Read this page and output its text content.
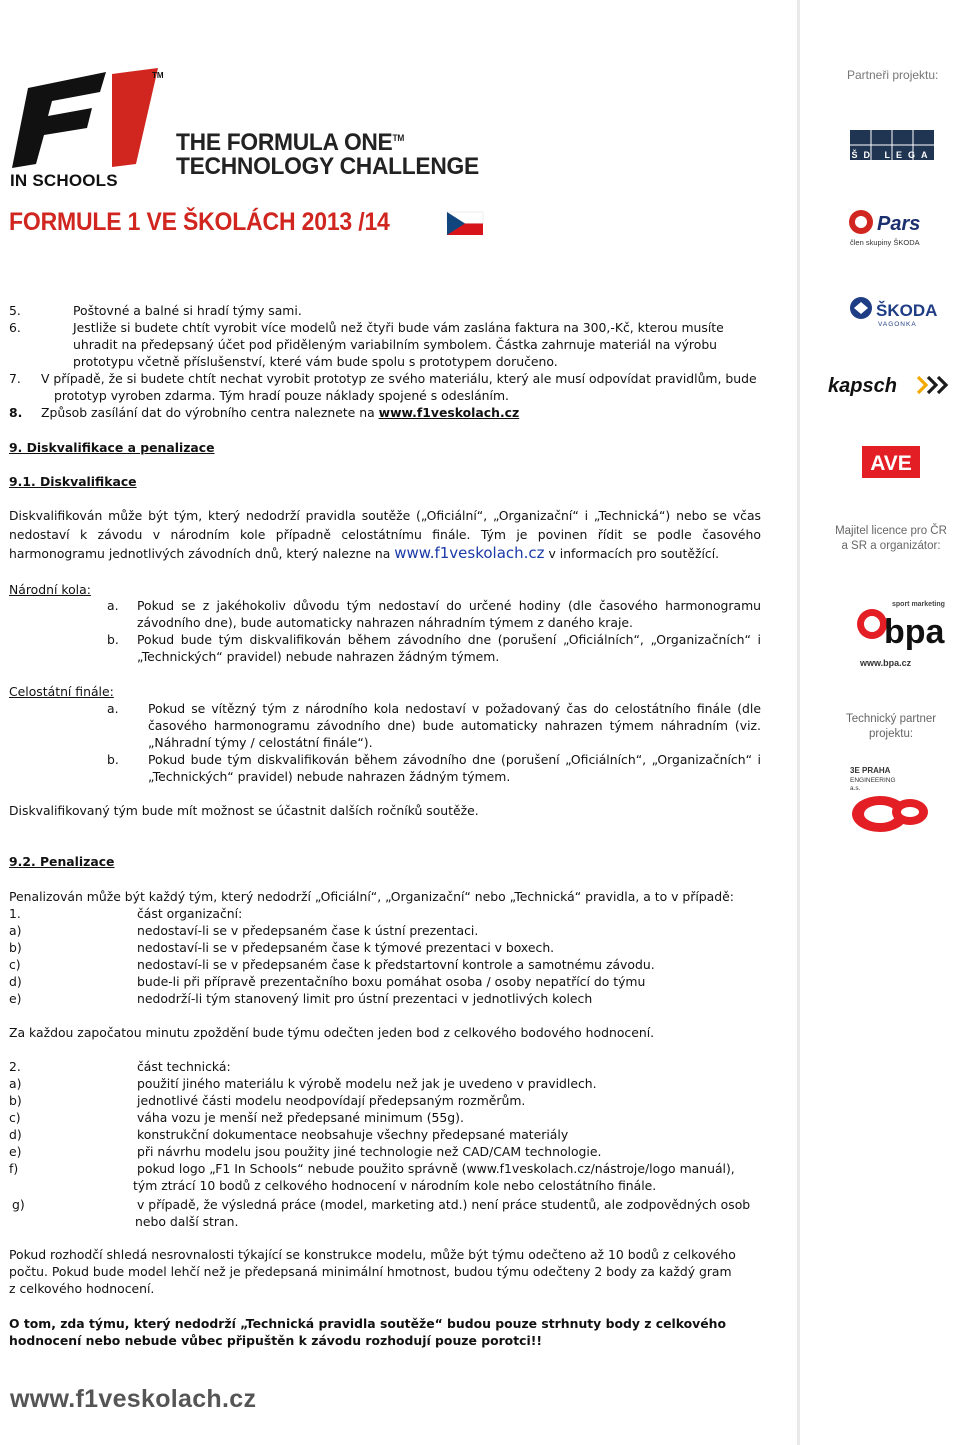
TM
IN SCHOOLS
THE FORMULA ONE™
TECHNOLOGY CHALLENGE
FORMULE 1 VE ŠKOLÁCH 2013 /14
Partneři projektu:
KŠD LEGAL
Pars
člen skupiny ŠKODA
ŠKODA
VAGONKA
kapsch
AVE
Majitel licence pro ČR
a SR a organizátor:
sport marketing
bpa
www.bpa.cz
Technický partner
projektu:
3E PRAHA
ENGINEERING
a.s.
5.	Poštovné a balné si hradí týmy sami.
6.	Jestliže si budete chtít vyrobit více modelů než čtyři bude vám zaslána faktura na 300,-Kč, kterou musíte
uhradit na předepsaný účet pod přiděleným variabilním symbolem. Částka zahrnuje materiál na výrobu
prototypu včetně příslušenství, které vám bude spolu s prototypem doručeno.
7. V případě, že si budete chtít nechat vyrobit prototyp ze svého materiálu, který ale musí odpovídat pravidlům, bude
prototyp vyroben zdarma. Tým hradí pouze náklady spojené s odesláním.
8. Způsob zasílání dat do výrobního centra naleznete na www.f1veskolach.cz
9. Diskvalifikace a penalizace
9.1. Diskvalifikace
Diskvalifikován může být tým, který nedodrží pravidla soutěže („Oficiální“, „Organizační“ i „Technická“) nebo se včas nedostaví k závodu v národním kole případně celostátnímu finále. Tým je povinen řídit se podle časového harmonogramu jednotlivých závodních dnů, který nalezne na www.f1veskolach.cz v informacích pro soutěžící.
Národní kola:
a. Pokud se z jakéhokoliv důvodu tým nedostaví do určené hodiny (dle časového harmonogramu závodního dne), bude automaticky nahrazen náhradním týmem z daného kraje.
b. Pokud bude tým diskvalifikován během závodního dne (porušení „Oficiálních“, „Organizačních“ i „Technických“ pravidel) nebude nahrazen žádným týmem.
Celostátní finále:
a. Pokud se vítězný tým z národního kola nedostaví v požadovaný čas do celostátního finále (dle časového harmonogramu závodního dne) bude automaticky nahrazen týmem náhradním (viz. „Náhradní týmy / celostátní finále“).
b. Pokud bude tým diskvalifikován během závodního dne (porušení „Oficiálních“, „Organizačních“ i „Technických“ pravidel) nebude nahrazen žádným týmem.
Diskvalifikovaný tým bude mít možnost se účastnit dalších ročníků soutěže.
9.2. Penalizace
Penalizován může být každý tým, který nedodrží „Oficiální“, „Organizační“ nebo „Technická“ pravidla, a to v případě:
1.	část organizační:
a)	nedostaví-li se v předepsaném čase k ústní prezentaci.
b)	nedostaví-li se v předepsaném čase k týmové prezentaci v boxech.
c)	nedostaví-li se v předepsaném čase k předstartovní kontrole a samotnému závodu.
d)	bude-li při přípravě prezentačního boxu pomáhat osoba / osoby nepatřící do týmu
e)	nedodrží-li tým stanovený limit pro ústní prezentaci v jednotlivých kolech
Za každou započatou minutu zpoždění bude týmu odečten jeden bod z celkového bodového hodnocení.
2.	část technická:
a)	použití jiného materiálu k výrobě modelu než jak je uvedeno v pravidlech.
b)	jednotlivé části modelu neodpovídají předepsaným rozměrům.
c)	váha vozu je menší než předepsané minimum (55g).
d)	konstrukční dokumentace neobsahuje všechny předepsané materiály
e)	při návrhu modelu jsou použity jiné technologie než CAD/CAM technologie.
f)	pokud logo „F1 In Schools“ nebude použito správně (www.f1veskolach.cz/nástroje/logo manuál),
tým ztrácí 10 bodů z celkového hodnocení v národním kole nebo celostátního finále.
g)	v případě, že výsledná práce (model, marketing atd.) není práce studentů, ale zodpovědných osob
nebo další stran.
Pokud rozhodčí shledá nesrovnalosti týkající se konstrukce modelu, může být týmu odečteno až 10 bodů z celkového
počtu. Pokud bude model lehčí než je předepsaná minimální hmotnost, budou týmu odečteny 2 body za každý gram
z celkového hodnocení.
O tom, zda týmu, který nedodrží „Technická pravidla soutěže“ budou pouze strhnuty body z celkového
hodnocení nebo nebude vůbec připuštěn k závodu rozhodují pouze porotci!!
www.f1veskolach.cz
